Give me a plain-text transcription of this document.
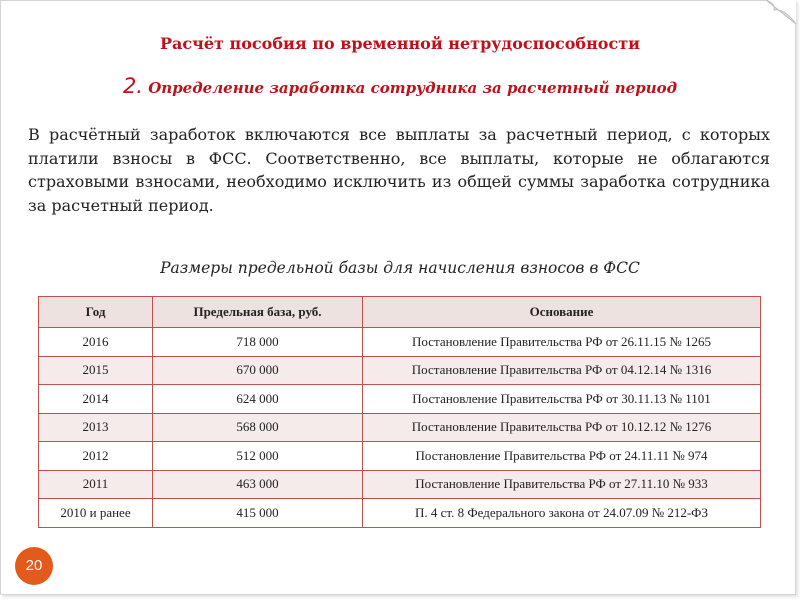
Расчёт пособия по временной нетрудоспособности
2. Определение заработка сотрудника за расчетный период

В расчётный заработок включаются все выплаты за расчетный период, с которых платили взносы в ФСС. Соответственно, все выплаты, которые не облагаются страховыми взносами, необходимо исключить из общей суммы заработка сотрудника за расчетный период.

Размеры предельной базы для начисления взносов в ФСС

Год	Предельная база, руб.	Основание
2016	718 000	Постановление Правительства РФ от 26.11.15 № 1265
2015	670 000	Постановление Правительства РФ от 04.12.14 № 1316
2014	624 000	Постановление Правительства РФ от 30.11.13 № 1101
2013	568 000	Постановление Правительства РФ от 10.12.12 № 1276
2012	512 000	Постановление Правительства РФ от 24.11.11 № 974
2011	463 000	Постановление Правительства РФ от 27.11.10 № 933
2010 и ранее	415 000	П. 4 ст. 8 Федерального закона от 24.07.09 № 212-ФЗ
20
